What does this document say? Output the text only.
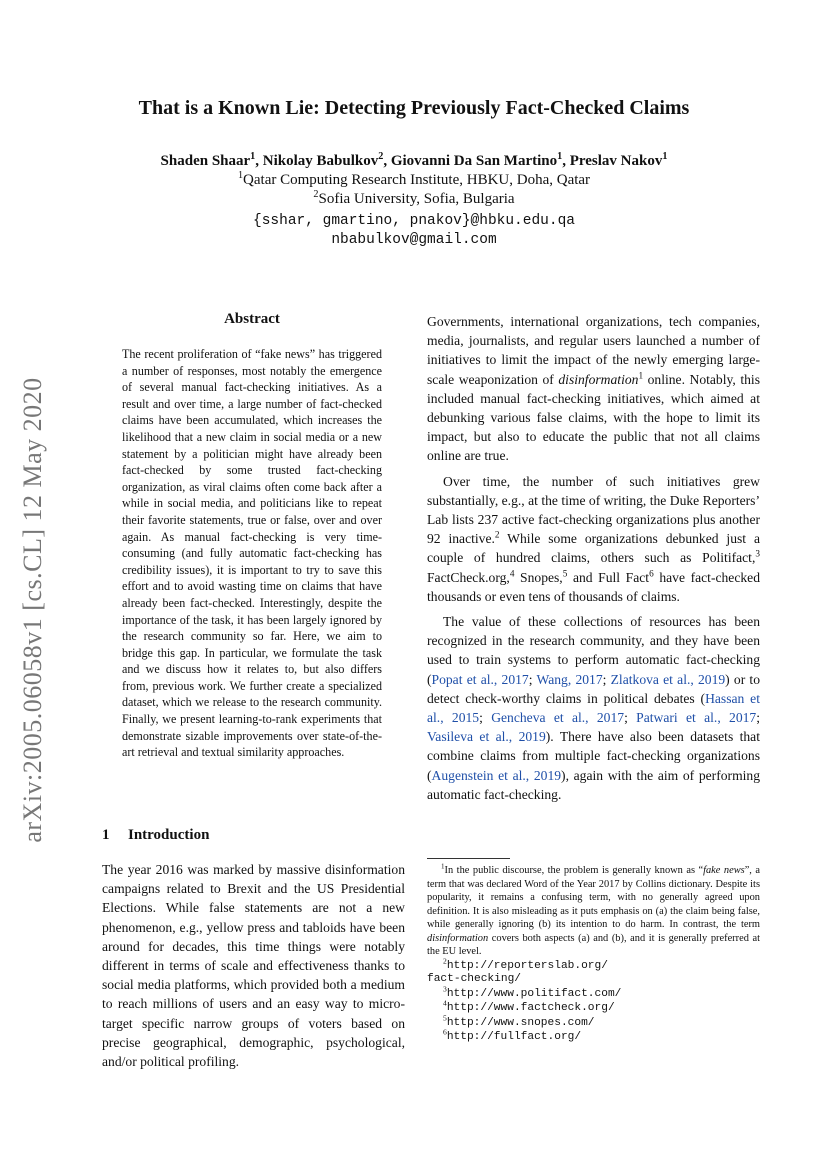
arXiv:2005.06058v1 [cs.CL] 12 May 2020
That is a Known Lie: Detecting Previously Fact-Checked Claims
Shaden Shaar$^1$, Nikolay Babulkov$^2$, Giovanni Da San Martino$^1$, Preslav Nakov$^1$
$^1$Qatar Computing Research Institute, HBKU, Doha, Qatar
$^2$Sofia University, Sofia, Bulgaria
{sshar, gmartino, pnakov}@hbku.edu.qa
nbabulkov@gmail.com
Abstract
The recent proliferation of “fake news” has triggered a number of responses, most notably the emergence of several manual fact-checking initiatives. As a result and over time, a large number of fact-checked claims have been accumulated, which increases the likelihood that a new claim in social media or a new statement by a politician might have already been fact-checked by some trusted fact-checking organization, as viral claims often come back after a while in social media, and politicians like to repeat their favorite statements, true or false, over and over again. As manual fact-checking is very time-consuming (and fully automatic fact-checking has credibility issues), it is important to try to save this effort and to avoid wasting time on claims that have already been fact-checked. Interestingly, despite the importance of the task, it has been largely ignored by the research community so far. Here, we aim to bridge this gap. In particular, we formulate the task and we discuss how it relates to, but also differs from, previous work. We further create a specialized dataset, which we release to the research community. Finally, we present learning-to-rank experiments that demonstrate sizable improvements over state-of-the-art retrieval and textual similarity approaches.
1 Introduction
The year 2016 was marked by massive disinformation campaigns related to Brexit and the US Presidential Elections. While false statements are not a new phenomenon, e.g., yellow press and tabloids have been around for decades, this time things were notably different in terms of scale and effectiveness thanks to social media platforms, which provided both a medium to reach millions of users and an easy way to micro-target specific narrow groups of voters based on precise geographical, demographic, psychological, and/or political profiling.

Governments, international organizations, tech companies, media, journalists, and regular users launched a number of initiatives to limit the impact of the newly emerging large-scale weaponization of disinformation$^1$ online. Notably, this included manual fact-checking initiatives, which aimed at debunking various false claims, with the hope to limit its impact, but also to educate the public that not all claims online are true.

Over time, the number of such initiatives grew substantially, e.g., at the time of writing, the Duke Reporters’ Lab lists 237 active fact-checking organizations plus another 92 inactive.$^2$ While some organizations debunked just a couple of hundred claims, others such as Politifact,$^3$ FactCheck.org,$^4$ Snopes,$^5$ and Full Fact$^6$ have fact-checked thousands or even tens of thousands of claims.

The value of these collections of resources has been recognized in the research community, and they have been used to train systems to perform automatic fact-checking (Popat et al., 2017; Wang, 2017; Zlatkova et al., 2019) or to detect check-worthy claims in political debates (Hassan et al., 2015; Gencheva et al., 2017; Patwari et al., 2017; Vasileva et al., 2019). There have also been datasets that combine claims from multiple fact-checking organizations (Augenstein et al., 2019), again with the aim of performing automatic fact-checking.

$^1$In the public discourse, the problem is generally known as “fake news”, a term that was declared Word of the Year 2017 by Collins dictionary. Despite its popularity, it remains a confusing term, with no generally agreed upon definition. It is also misleading as it puts emphasis on (a) the claim being false, while generally ignoring (b) its intention to do harm. In contrast, the term disinformation covers both aspects (a) and (b), and it is generally preferred at the EU level.
$^2$http://reporterslab.org/
fact-checking/
$^3$http://www.politifact.com/
$^4$http://www.factcheck.org/
$^5$http://www.snopes.com/
$^6$http://fullfact.org/
